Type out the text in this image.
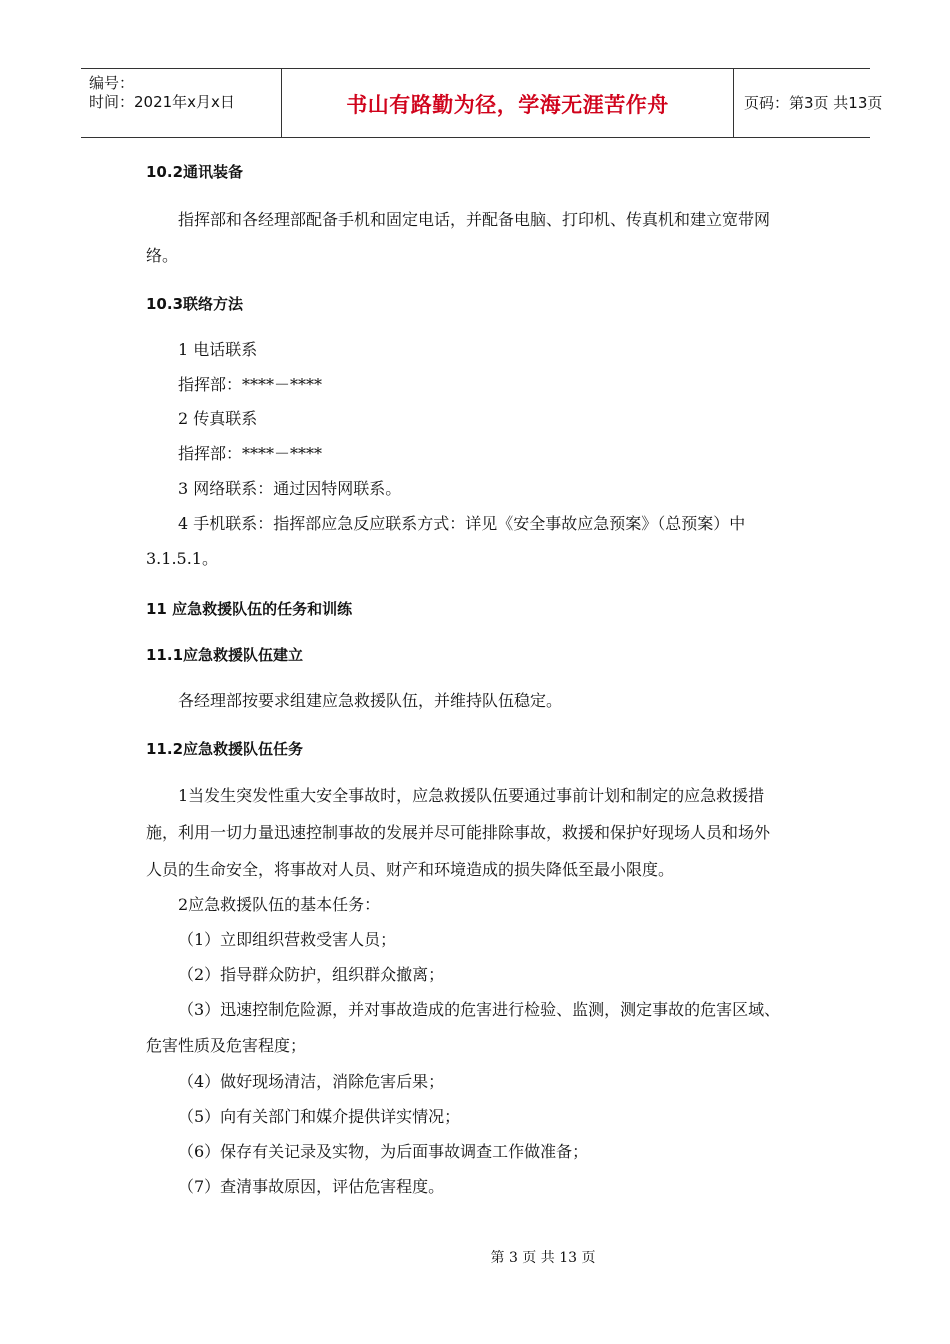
编号：
时间：2021年x月x日	书山有路勤为径，学海无涯苦作舟	页码：第3页 共13页
10.2通讯装备
指挥部和各经理部配备手机和固定电话，并配备电脑、打印机、传真机和建立宽带网
络。
10.3联络方法
1 电话联系
指挥部：****－****
2 传真联系
指挥部：****－****
3 网络联系：通过因特网联系。
4 手机联系：指挥部应急反应联系方式：详见《安全事故应急预案》（总预案）中
3.1.5.1。
11 应急救援队伍的任务和训练
11.1应急救援队伍建立
各经理部按要求组建应急救援队伍，并维持队伍稳定。
11.2应急救援队伍任务
1当发生突发性重大安全事故时，应急救援队伍要通过事前计划和制定的应急救援措
施，利用一切力量迅速控制事故的发展并尽可能排除事故，救援和保护好现场人员和场外
人员的生命安全，将事故对人员、财产和环境造成的损失降低至最小限度。
2应急救援队伍的基本任务：
（1）立即组织营救受害人员；
（2）指导群众防护，组织群众撤离；
（3）迅速控制危险源，并对事故造成的危害进行检验、监测，测定事故的危害区域、
危害性质及危害程度；
（4）做好现场清洁，消除危害后果；
（5）向有关部门和媒介提供详实情况；
（6）保存有关记录及实物，为后面事故调查工作做准备；
（7）查清事故原因，评估危害程度。
第 3 页 共 13 页
